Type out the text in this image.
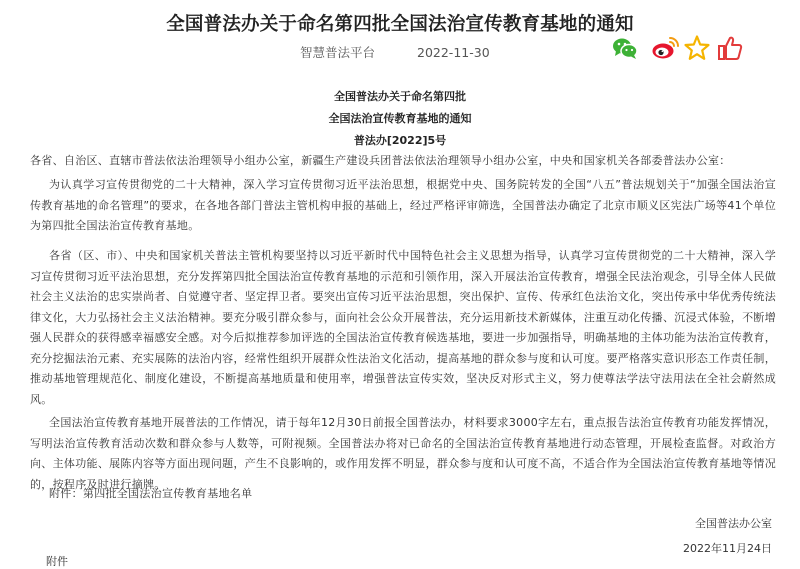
全国普法办关于命名第四批全国法治宣传教育基地的通知
智慧普法平台	2022-11-30
全国普法办关于命名第四批
全国法治宣传教育基地的通知
普法办[2022]5号
各省、自治区、直辖市普法依法治理领导小组办公室，新疆生产建设兵团普法依法治理领导小组办公室，中央和国家机关各部委普法办公室：
为认真学习宣传贯彻党的二十大精神，深入学习宣传贯彻习近平法治思想，根据党中央、国务院转发的全国“八五”普法规划关于“加强全国法治宣传教育基地的命名管理”的要求，在各地各部门普法主管机构申报的基础上，经过严格评审筛选，全国普法办确定了北京市顺义区宪法广场等41个单位为第四批全国法治宣传教育基地。
各省（区、市）、中央和国家机关普法主管机构要坚持以习近平新时代中国特色社会主义思想为指导，认真学习宣传贯彻党的二十大精神，深入学习宣传贯彻习近平法治思想，充分发挥第四批全国法治宣传教育基地的示范和引领作用，深入开展法治宣传教育，增强全民法治观念，引导全体人民做社会主义法治的忠实崇尚者、自觉遵守者、坚定捍卫者。要突出宣传习近平法治思想，突出保护、宣传、传承红色法治文化，突出传承中华优秀传统法律文化，大力弘扬社会主义法治精神。要充分吸引群众参与，面向社会公众开展普法，充分运用新技术新媒体，注重互动化传播、沉浸式体验，不断增强人民群众的获得感幸福感安全感。对今后拟推荐参加评选的全国法治宣传教育候选基地，要进一步加强指导，明确基地的主体功能为法治宣传教育，充分挖掘法治元素、充实展陈的法治内容，经常性组织开展群众性法治文化活动，提高基地的群众参与度和认可度。要严格落实意识形态工作责任制，推动基地管理规范化、制度化建设，不断提高基地质量和使用率，增强普法宣传实效，坚决反对形式主义，努力使尊法学法守法用法在全社会蔚然成风。
全国法治宣传教育基地开展普法的工作情况，请于每年12月30日前报全国普法办，材料要求3000字左右，重点报告法治宣传教育功能发挥情况，写明法治宣传教育活动次数和群众参与人数等，可附视频。全国普法办将对已命名的全国法治宣传教育基地进行动态管理，开展检查监督。对政治方向、主体功能、展陈内容等方面出现问题，产生不良影响的，或作用发挥不明显，群众参与度和认可度不高，不适合作为全国法治宣传教育基地等情况的，按程序及时进行摘牌。
附件：第四批全国法治宣传教育基地名单
全国普法办公室
2022年11月24日
附件
